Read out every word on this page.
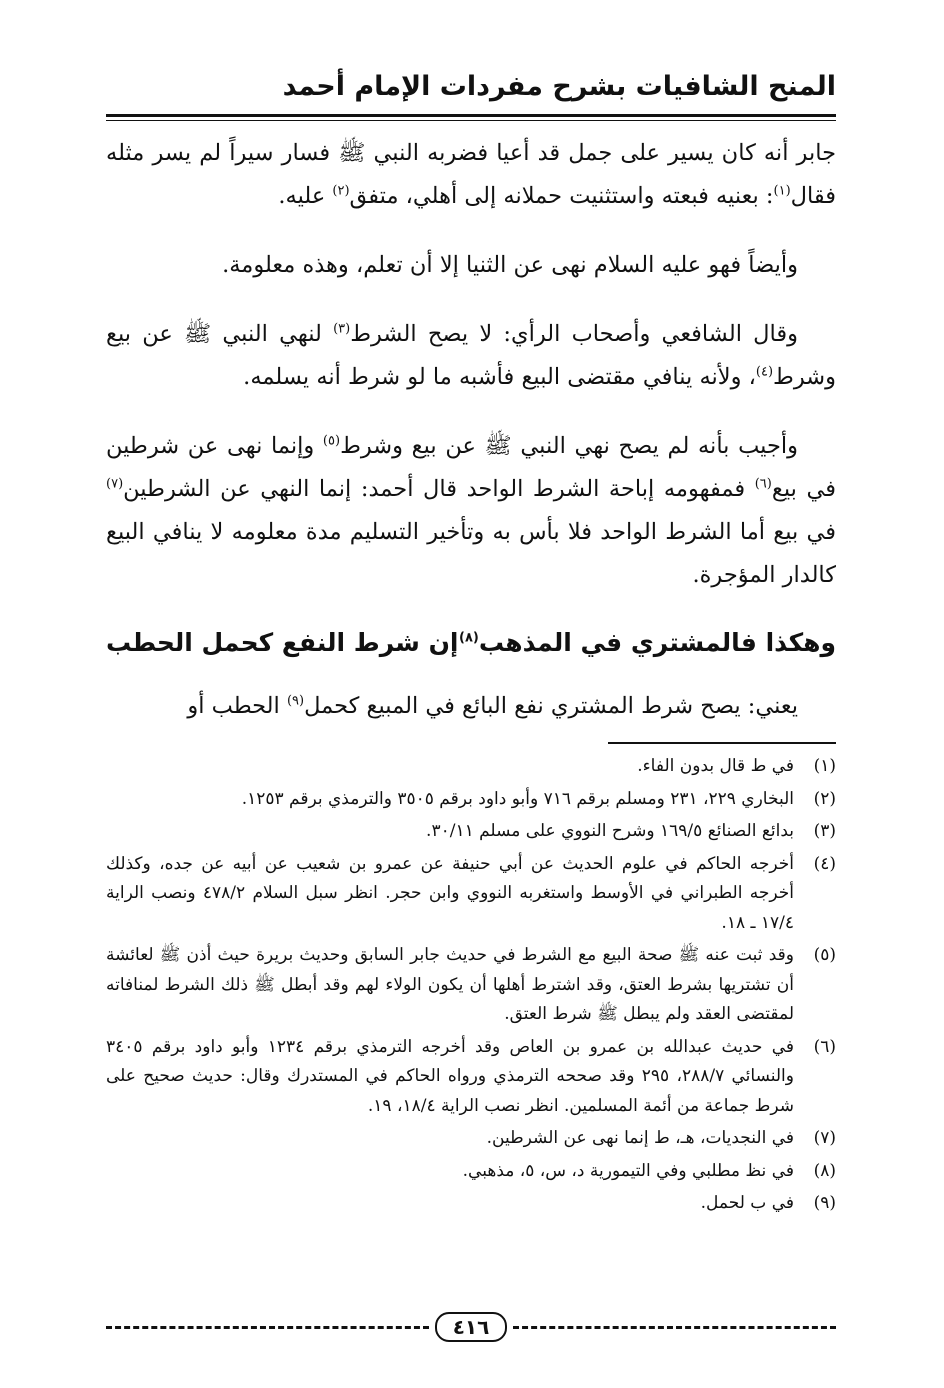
المنح الشافيات بشرح مفردات الإمام أحمد

جابر أنه كان يسير على جمل قد أعيا فضربه النبي ﷺ فسار سيراً لم يسر مثله فقال$^{(١)}$: بعنيه فبعته واستثنيت حملانه إلى أهلي، متفق$^{(٢)}$ عليه.

وأيضاً فهو عليه السلام نهى عن الثنيا إلا أن تعلم، وهذه معلومة.

وقال الشافعي وأصحاب الرأي: لا يصح الشرط$^{(٣)}$ لنهي النبي ﷺ عن بيع وشرط$^{(٤)}$، ولأنه ينافي مقتضى البيع فأشبه ما لو شرط أنه يسلمه.

وأجيب بأنه لم يصح نهي النبي ﷺ عن بيع وشرط$^{(٥)}$ وإنما نهى عن شرطين في بيع$^{(٦)}$ فمفهومه إباحة الشرط الواحد قال أحمد: إنما النهي عن الشرطين$^{(٧)}$ في بيع أما الشرط الواحد فلا بأس به وتأخير التسليم مدة معلومه لا ينافي البيع كالدار المؤجرة.

وهكذا فالمشتري في المذهب$^{(٨)}$
إن شرط النفع كحمل الحطب

يعني: يصح شرط المشتري نفع البائع في المبيع كحمل$^{(٩)}$ الحطب أو

(١)
في ط قال بدون الفاء.
(٢)
البخاري ٢٢٩، ٢٣١ ومسلم برقم ٧١٦ وأبو داود برقم ٣٥٠٥ والترمذي برقم ١٢٥٣.
(٣)
بدائع الصنائع ١٦٩/٥ وشرح النووي على مسلم ٣٠/١١.
(٤)
أخرجه الحاكم في علوم الحديث عن أبي حنيفة عن عمرو بن شعيب عن أبيه عن جده، وكذلك أخرجه الطبراني في الأوسط واستغربه النووي وابن حجر. انظر سبل السلام ٤٧٨/٢ ونصب الراية ١٧/٤ ـ ١٨.
(٥)
وقد ثبت عنه ﷺ صحة البيع مع الشرط في حديث جابر السابق وحديث بريرة حيث أذن ﷺ لعائشة أن تشتريها بشرط العتق، وقد اشترط أهلها أن يكون الولاء لهم وقد أبطل ﷺ ذلك الشرط لمنافاته لمقتضى العقد ولم يبطل ﷺ شرط العتق.
(٦)
في حديث عبدالله بن عمرو بن العاص وقد أخرجه الترمذي برقم ١٢٣٤ وأبو داود برقم ٣٤٠٥ والنسائي ٢٨٨/٧، ٢٩٥ وقد صححه الترمذي ورواه الحاكم في المستدرك وقال: حديث صحيح على شرط جماعة من أئمة المسلمين. انظر نصب الراية ١٨/٤، ١٩.
(٧)
في النجديات، هـ، ط إنما نهى عن الشرطين.
(٨)
في نظ مطلبي وفي التيمورية د، س، ٥، مذهبي.
(٩)
في ب لحمل.
٤١٦
